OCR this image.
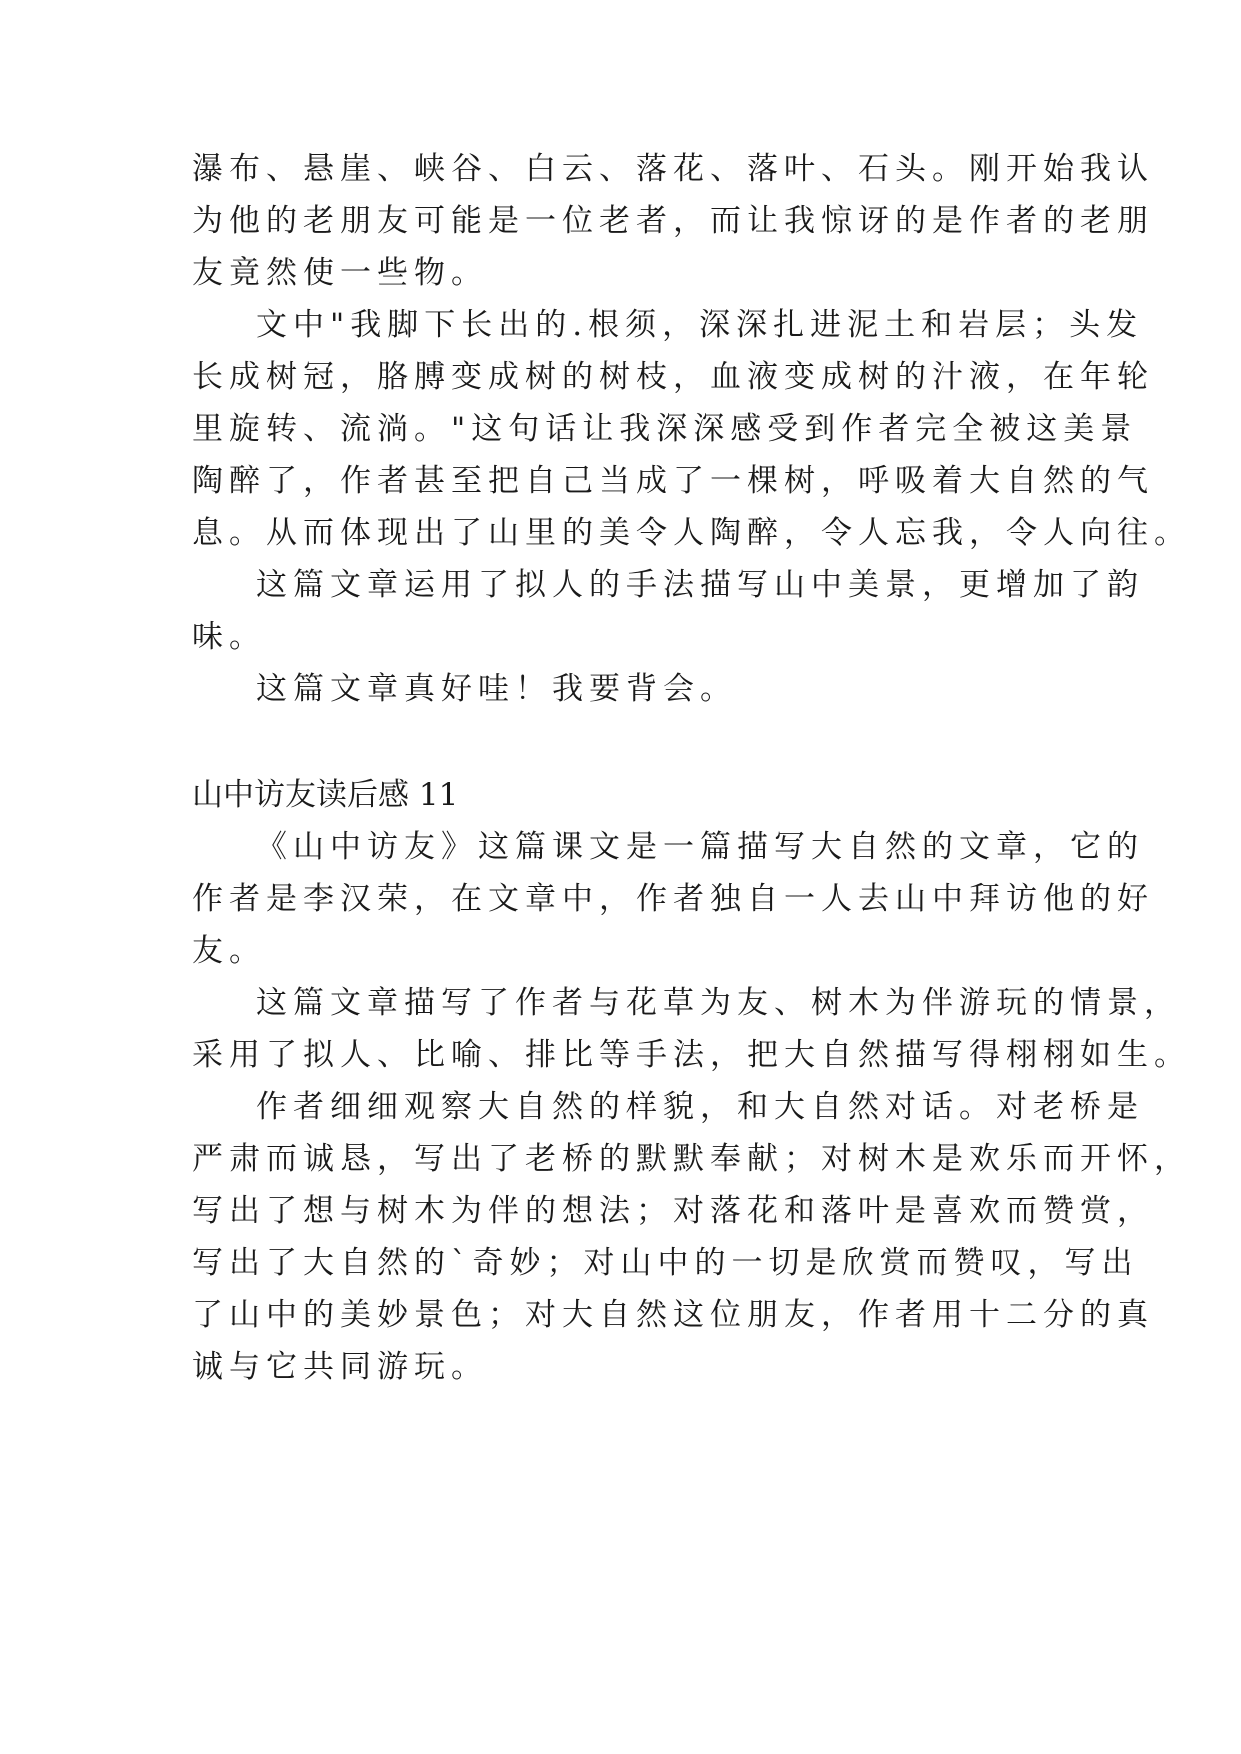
瀑布、悬崖、峡谷、白云、落花、落叶、石头。刚开始我认
为他的老朋友可能是一位老者，而让我惊讶的是作者的老朋
友竟然使一些物。
文中"我脚下长出的.根须，深深扎进泥土和岩层；头发
长成树冠，胳膊变成树的树枝，血液变成树的汁液，在年轮
里旋转、流淌。"这句话让我深深感受到作者完全被这美景
陶醉了，作者甚至把自己当成了一棵树，呼吸着大自然的气
息。从而体现出了山里的美令人陶醉，令人忘我，令人向往。
这篇文章运用了拟人的手法描写山中美景，更增加了韵
味。
这篇文章真好哇！我要背会。
山中访友读后感 11
《山中访友》这篇课文是一篇描写大自然的文章，它的
作者是李汉荣，在文章中，作者独自一人去山中拜访他的好
友。
这篇文章描写了作者与花草为友、树木为伴游玩的情景，
采用了拟人、比喻、排比等手法，把大自然描写得栩栩如生。
作者细细观察大自然的样貌，和大自然对话。对老桥是
严肃而诚恳，写出了老桥的默默奉献；对树木是欢乐而开怀，
写出了想与树木为伴的想法；对落花和落叶是喜欢而赞赏，
写出了大自然的`奇妙；对山中的一切是欣赏而赞叹，写出
了山中的美妙景色；对大自然这位朋友，作者用十二分的真
诚与它共同游玩。
